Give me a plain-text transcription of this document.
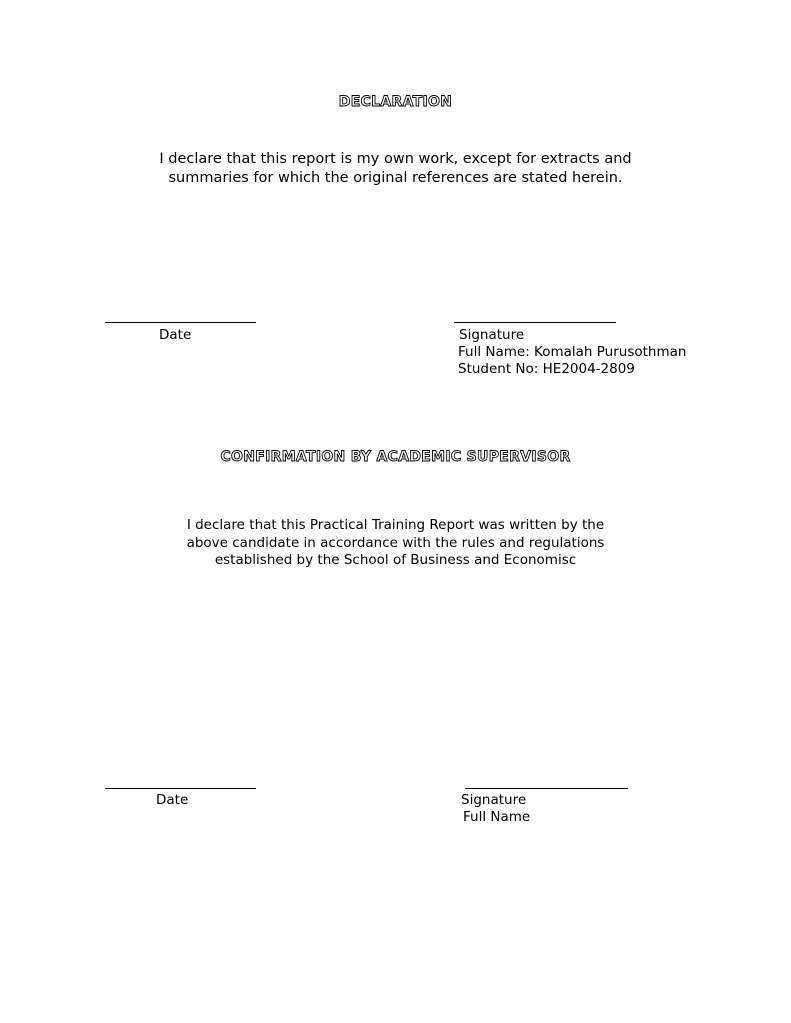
DECLARATION
I declare that this report is my own work, except for extracts and
summaries for which the original references are stated herein.
Date	Signature
Full Name: Komalah Purusothman
Student No: HE2004-2809
CONFIRMATION BY ACADEMIC SUPERVISOR
I declare that this Practical Training Report was written by the
above candidate in accordance with the rules and regulations
established by the School of Business and Economisc
Date	Signature
Full Name
